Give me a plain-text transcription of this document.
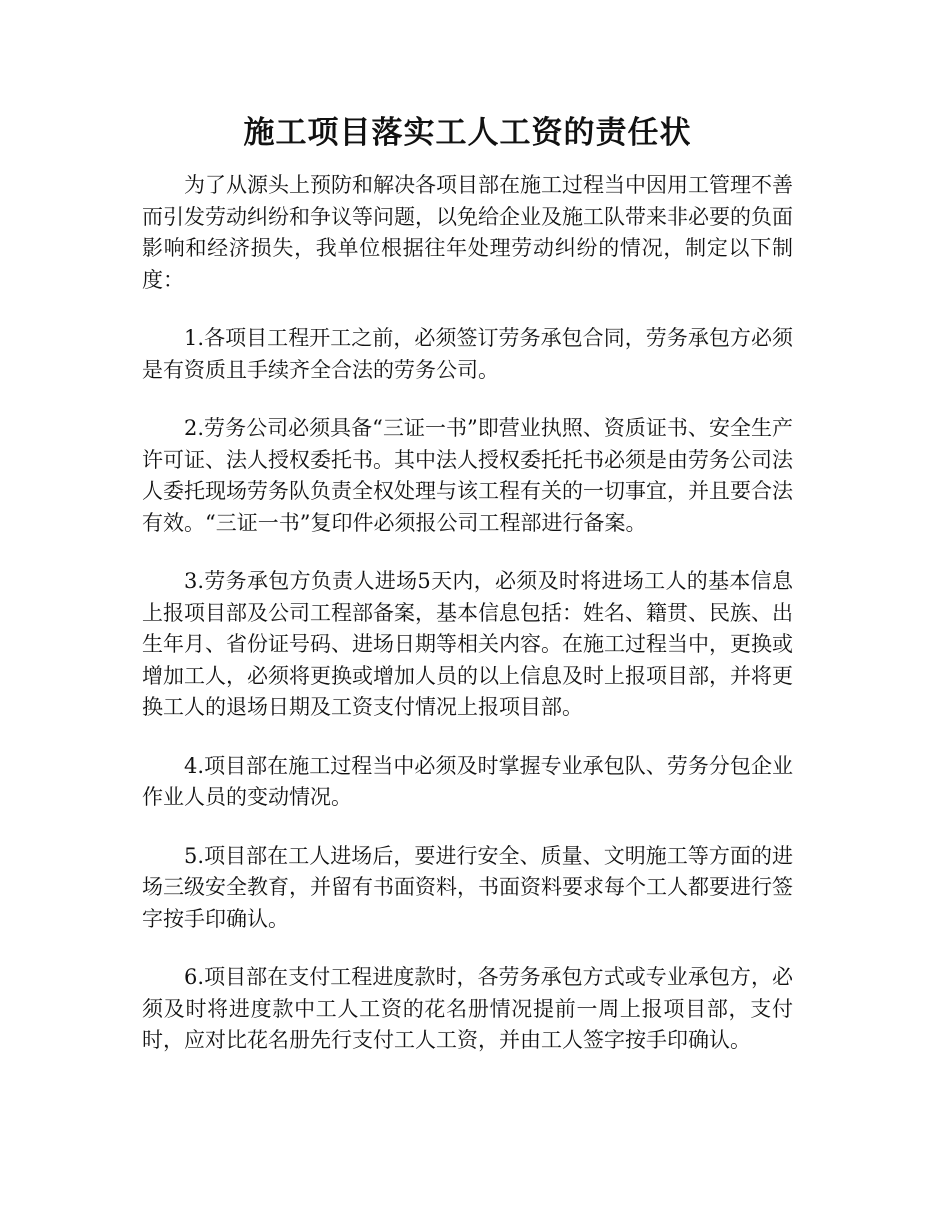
施工项目落实工人工资的责任状

为了从源头上预防和解决各项目部在施工过程当中因用工管理不善而引发劳动纠纷和争议等问题，以免给企业及施工队带来非必要的负面影响和经济损失，我单位根据往年处理劳动纠纷的情况，制定以下制度：

1.各项目工程开工之前，必须签订劳务承包合同，劳务承包方必须是有资质且手续齐全合法的劳务公司。

2.劳务公司必须具备“三证一书”即营业执照、资质证书、安全生产许可证、法人授权委托书。其中法人授权委托托书必须是由劳务公司法人委托现场劳务队负责全权处理与该工程有关的一切事宜，并且要合法有效。“三证一书”复印件必须报公司工程部进行备案。

3.劳务承包方负责人进场5天内，必须及时将进场工人的基本信息上报项目部及公司工程部备案，基本信息包括：姓名、籍贯、民族、出生年月、省份证号码、进场日期等相关内容。在施工过程当中，更换或增加工人，必须将更换或增加人员的以上信息及时上报项目部，并将更换工人的退场日期及工资支付情况上报项目部。

4.项目部在施工过程当中必须及时掌握专业承包队、劳务分包企业作业人员的变动情况。

5.项目部在工人进场后，要进行安全、质量、文明施工等方面的进场三级安全教育，并留有书面资料，书面资料要求每个工人都要进行签字按手印确认。

6.项目部在支付工程进度款时，各劳务承包方式或专业承包方，必须及时将进度款中工人工资的花名册情况提前一周上报项目部，支付时，应对比花名册先行支付工人工资，并由工人签字按手印确认。
